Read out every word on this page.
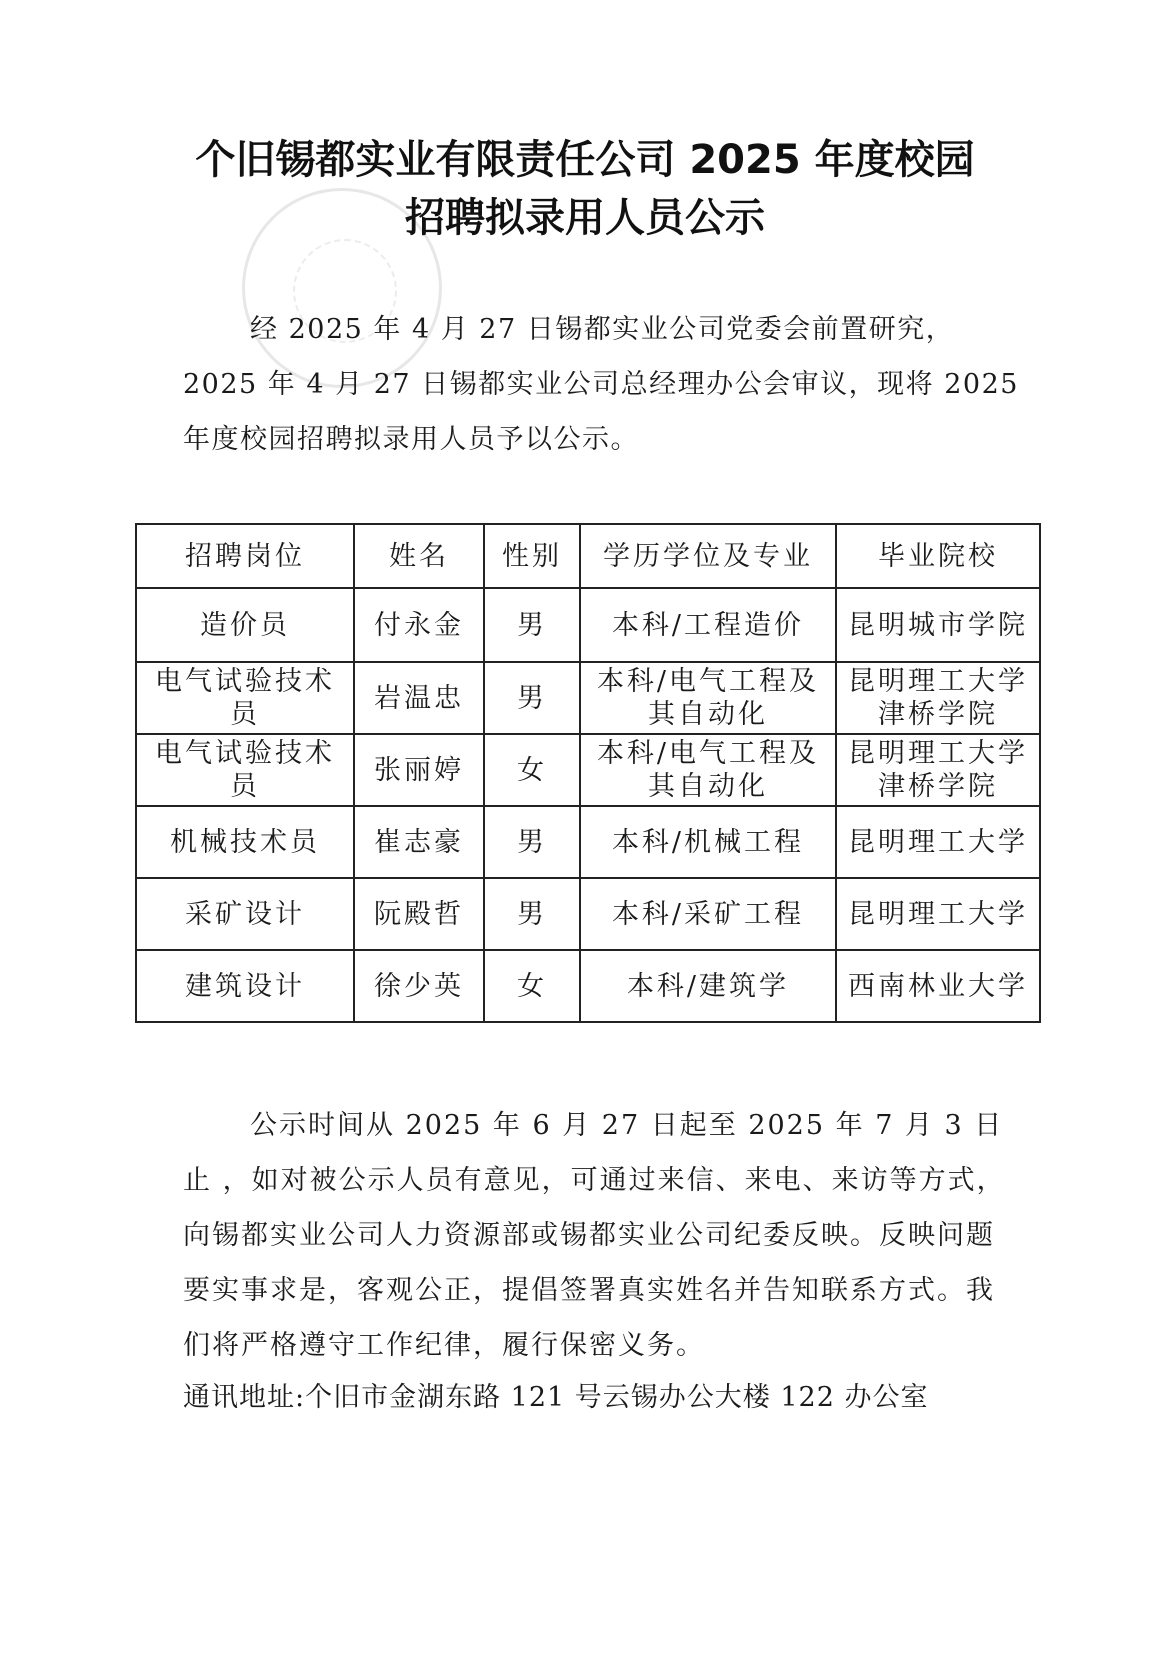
个旧锡都实业有限责任公司 2025 年度校园
招聘拟录用人员公示
经 2025 年 4 月 27 日锡都实业公司党委会前置研究，2025 年 4 月 27 日锡都实业公司总经理办公会审议，现将 2025 年度校园招聘拟录用人员予以公示。
招聘岗位	姓名	性别	学历学位及专业	毕业院校
造价员	付永金	男	本科/工程造价	昆明城市学院
电气试验技术员	岩温忠	男	本科/电气工程及其自动化	昆明理工大学津桥学院
电气试验技术员	张丽婷	女	本科/电气工程及其自动化	昆明理工大学津桥学院
机械技术员	崔志豪	男	本科/机械工程	昆明理工大学
采矿设计	阮殿哲	男	本科/采矿工程	昆明理工大学
建筑设计	徐少英	女	本科/建筑学	西南林业大学
公示时间从 2025 年 6 月 27 日起至 2025 年 7 月 3 日止 ，如对被公示人员有意见，可通过来信、来电、来访等方式，向锡都实业公司人力资源部或锡都实业公司纪委反映。反映问题要实事求是，客观公正，提倡签署真实姓名并告知联系方式。我们将严格遵守工作纪律，履行保密义务。
通讯地址:个旧市金湖东路 121 号云锡办公大楼 122 办公室
